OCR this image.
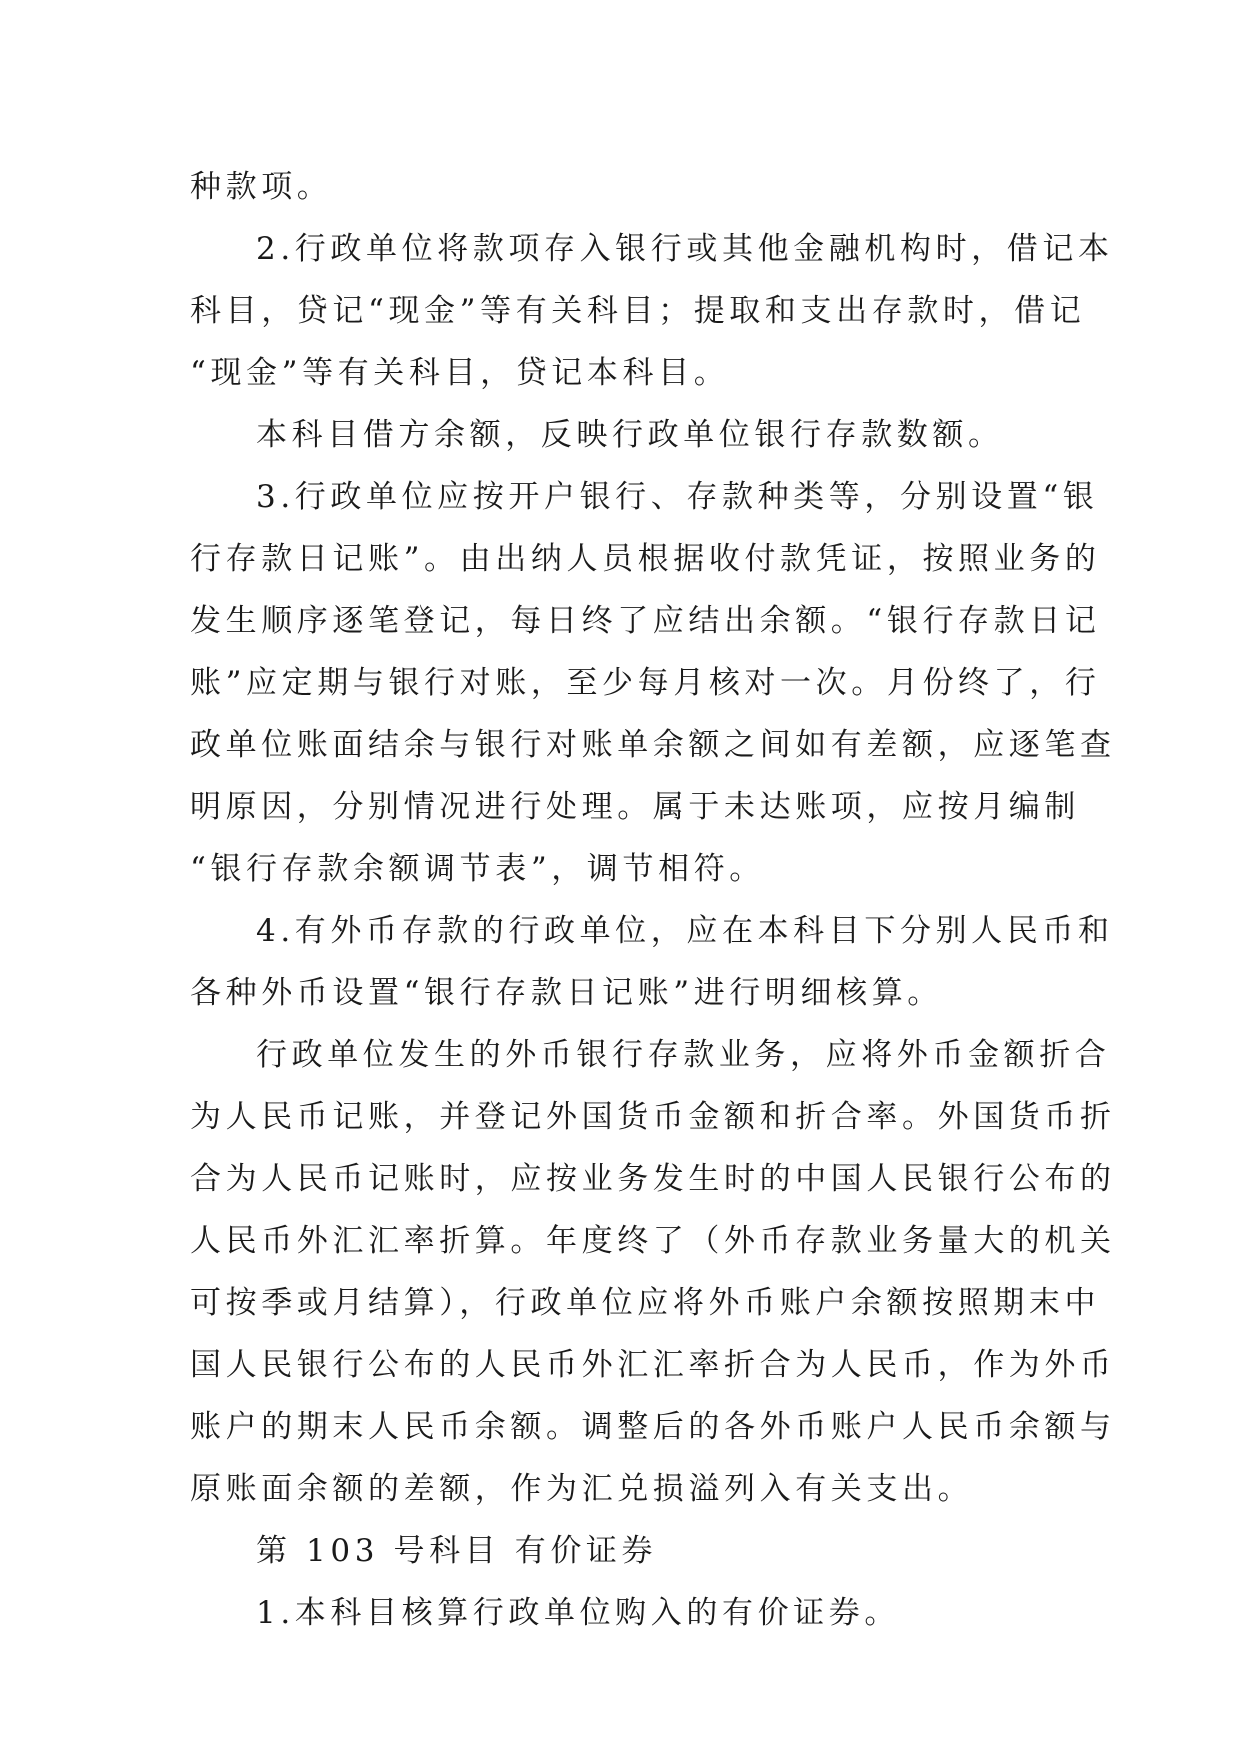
种款项。
2.行政单位将款项存入银行或其他金融机构时，借记本
科目，贷记“现金”等有关科目；提取和支出存款时，借记
“现金”等有关科目，贷记本科目。
本科目借方余额，反映行政单位银行存款数额。
3.行政单位应按开户银行、存款种类等，分别设置“银
行存款日记账”。由出纳人员根据收付款凭证，按照业务的
发生顺序逐笔登记，每日终了应结出余额。“银行存款日记
账”应定期与银行对账，至少每月核对一次。月份终了，行
政单位账面结余与银行对账单余额之间如有差额，应逐笔查
明原因，分别情况进行处理。属于未达账项，应按月编制
“银行存款余额调节表”，调节相符。
4.有外币存款的行政单位，应在本科目下分别人民币和
各种外币设置“银行存款日记账”进行明细核算。
行政单位发生的外币银行存款业务，应将外币金额折合
为人民币记账，并登记外国货币金额和折合率。外国货币折
合为人民币记账时，应按业务发生时的中国人民银行公布的
人民币外汇汇率折算。年度终了（外币存款业务量大的机关
可按季或月结算），行政单位应将外币账户余额按照期末中
国人民银行公布的人民币外汇汇率折合为人民币，作为外币
账户的期末人民币余额。调整后的各外币账户人民币余额与
原账面余额的差额，作为汇兑损溢列入有关支出。
第 103 号科目 有价证券
1.本科目核算行政单位购入的有价证券。
